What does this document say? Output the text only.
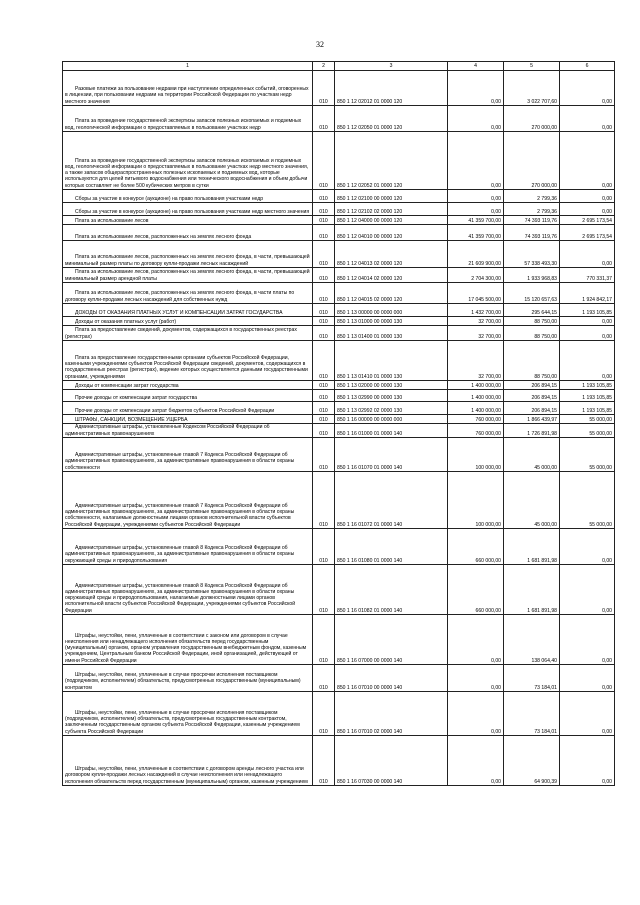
32
1	2	3	4	5	6

Разовые платежи за пользование недрами при наступлении определенных событий, оговоренных в лицензии, при пользовании недрами на территории Российской Федерации по участкам недр местного значения	010	850 1 12 02012 01 0000 120	0,00	3 022 707,60	0,00

Плата за проведение государственной экспертизы запасов полезных ископаемых и подземных вод, геологической информации о предоставляемых в пользование участках недр	010	850 1 12 02050 01 0000 120	0,00	270 000,00	0,00

Плата за проведение государственной экспертизы запасов полезных ископаемых и подземных вод, геологической информации о предоставляемых в пользование участках недр местного значения, а также запасов общераспространенных полезных ископаемых и подземных вод, которые используются для целей питьевого водоснабжения или технического водоснабжения и объем добычи которых составляет не более 500 кубических метров в сутки	010	850 1 12 02052 01 0000 120	0,00	270 000,00	0,00

Сборы за участие в конкурсе (аукционе) на право пользования участками недр	010	850 1 12 02100 00 0000 120	0,00	2 799,36	0,00

Сборы за участие в конкурсе (аукционе) на право пользования участками недр местного значения	010	850 1 12 02102 02 0000 120	0,00	2 799,36	0,00

Плата за использование лесов	010	850 1 12 04000 00 0000 120	41 359 700,00	74 393 119,76	2 695 173,54

Плата за использование лесов, расположенных на землях лесного фонда	010	850 1 12 04010 00 0000 120	41 359 700,00	74 393 119,76	2 695 173,54

Плата за использование лесов, расположенных на землях лесного фонда, в части, превышающей минимальный размер платы по договору купли-продажи лесных насаждений	010	850 1 12 04013 02 0000 120	21 609 900,00	57 338 493,30	0,00

Плата за использование лесов, расположенных на землях лесного фонда, в части, превышающей минимальный размер арендной платы	010	850 1 12 04014 02 0000 120	2 704 300,00	1 933 968,83	770 331,37

Плата за использование лесов, расположенных на землях лесного фонда, в части платы по договору купли-продажи лесных насаждений для собственных нужд	010	850 1 12 04015 02 0000 120	17 045 500,00	15 120 657,63	1 924 842,17

ДОХОДЫ ОТ ОКАЗАНИЯ ПЛАТНЫХ УСЛУГ И КОМПЕНСАЦИИ ЗАТРАТ ГОСУДАРСТВА	010	850 1 13 00000 00 0000 000	1 432 700,00	295 644,15	1 193 105,85

Доходы от оказания платных услуг (работ)	010	850 1 13 01000 00 0000 130	32 700,00	88 750,00	0,00

Плата за предоставление сведений, документов, содержащихся в государственных реестрах (регистрах)	010	850 1 13 01400 01 0000 130	32 700,00	88 750,00	0,00

Плата за предоставление государственными органами субъектов Российской Федерации, казенными учреждениями субъектов Российской Федерации сведений, документов, содержащихся в государственных реестрах (регистрах), ведение которых осуществляется данными государственными органами, учреждениями	010	850 1 13 01410 01 0000 130	32 700,00	88 750,00	0,00

Доходы от компенсации затрат государства	010	850 1 13 02000 00 0000 130	1 400 000,00	206 894,15	1 193 105,85

Прочие доходы от компенсации затрат государства	010	850 1 13 02990 00 0000 130	1 400 000,00	206 894,15	1 193 105,85

Прочие доходы от компенсации затрат бюджетов субъектов Российской Федерации	010	850 1 13 02992 02 0000 130	1 400 000,00	206 894,15	1 193 105,85

ШТРАФЫ, САНКЦИИ, ВОЗМЕЩЕНИЕ УЩЕРБА	010	850 1 16 00000 00 0000 000	760 000,00	1 866 439,97	55 000,00

Административные штрафы, установленные Кодексом Российской Федерации об административных правонарушениях	010	850 1 16 01000 01 0000 140	760 000,00	1 726 891,98	55 000,00

Административные штрафы, установленные главой 7 Кодекса Российской Федерации об административных правонарушениях, за административные правонарушения в области охраны собственности	010	850 1 16 01070 01 0000 140	100 000,00	45 000,00	55 000,00

Административные штрафы, установленные главой 7 Кодекса Российской Федерации об административных правонарушениях, за административные правонарушения в области охраны собственности, налагаемые должностными лицами органов исполнительной власти субъектов Российской Федерации, учреждениями субъектов Российской Федерации	010	850 1 16 01072 01 0000 140	100 000,00	45 000,00	55 000,00

Административные штрафы, установленные главой 8 Кодекса Российской Федерации об административных правонарушениях, за административные правонарушения в области охраны окружающей среды и природопользования	010	850 1 16 01080 01 0000 140	660 000,00	1 681 891,98	0,00

Административные штрафы, установленные главой 8 Кодекса Российской Федерации об административных правонарушениях, за административные правонарушения в области охраны окружающей среды и природопользования, налагаемые должностными лицами органов исполнительной власти субъектов Российской Федерации, учреждениями субъектов Российской Федерации	010	850 1 16 01082 01 0000 140	660 000,00	1 681 891,98	0,00

Штрафы, неустойки, пени, уплаченные в соответствии с законом или договором в случае неисполнения или ненадлежащего исполнения обязательств перед государственным (муниципальным) органом, органом управления государственным внебюджетным фондом, казенным учреждением, Центральным банком Российской Федерации, иной организацией, действующей от имени Российской Федерации	010	850 1 16 07000 00 0000 140	0,00	138 064,40	0,00

Штрафы, неустойки, пени, уплаченные в случае просрочки исполнения поставщиком (подрядчиком, исполнителем) обязательств, предусмотренных государственным (муниципальным) контрактом	010	850 1 16 07010 00 0000 140	0,00	73 184,01	0,00

Штрафы, неустойки, пени, уплаченные в случае просрочки исполнения поставщиком (подрядчиком, исполнителем) обязательств, предусмотренных государственным контрактом, заключенным государственным органом субъекта Российской Федерации, казенным учреждением субъекта Российской Федерации	010	850 1 16 07010 02 0000 140	0,00	73 184,01	0,00

Штрафы, неустойки, пени, уплаченные в соответствии с договором аренды лесного участка или договором купли-продажи лесных насаждений в случае неисполнения или ненадлежащего исполнения обязательств перед государственным (муниципальным) органом, казенным учреждением	010	850 1 16 07030 00 0000 140	0,00	64 900,39	0,00
